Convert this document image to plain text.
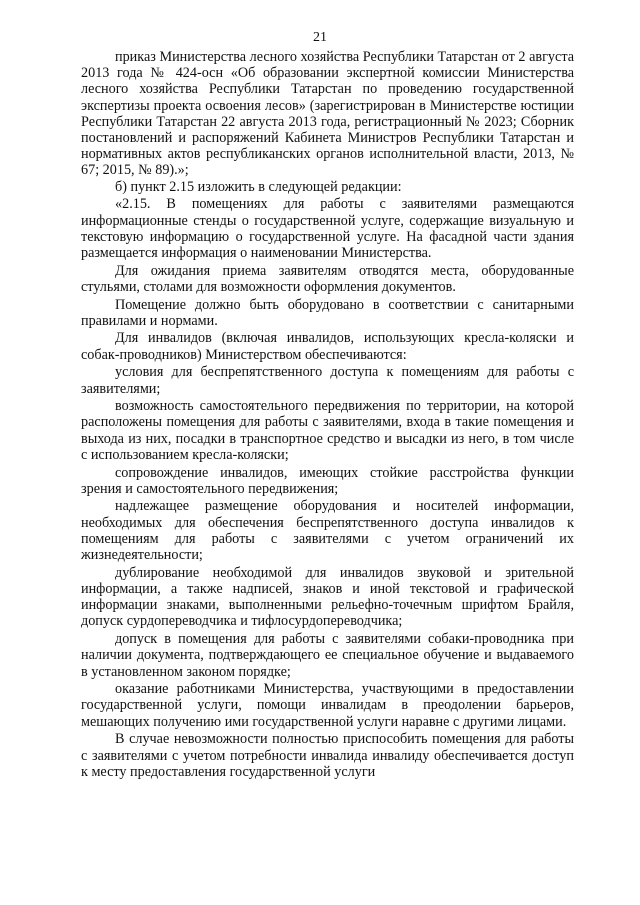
21

приказ Министерства лесного хозяйства Республики Татарстан от 2 августа 2013 года № 424-осн «Об образовании экспертной комиссии Министерства лесного хозяйства Республики Татарстан по проведению государственной экспертизы проекта освоения лесов» (зарегистрирован в Министерстве юстиции Республики Татарстан 22 августа 2013 года, регистрационный № 2023; Сборник постановлений и распоряжений Кабинета Министров Республики Татарстан и нормативных актов республиканских органов исполнительной власти, 2013, № 67; 2015, № 89).»;

б) пункт 2.15 изложить в следующей редакции:

«2.15. В помещениях для работы с заявителями размещаются информационные стенды о государственной услуге, содержащие визуальную и текстовую информацию о государственной услуге. На фасадной части здания размещается информация о наименовании Министерства.

Для ожидания приема заявителям отводятся места, оборудованные стульями, столами для возможности оформления документов.

Помещение должно быть оборудовано в соответствии с санитарными правилами и нормами.

Для инвалидов (включая инвалидов, использующих кресла-коляски и собак-проводников) Министерством обеспечиваются:

условия для беспрепятственного доступа к помещениям для работы с заявителями;

возможность самостоятельного передвижения по территории, на которой расположены помещения для работы с заявителями, входа в такие помещения и выхода из них, посадки в транспортное средство и высадки из него, в том числе с использованием кресла-коляски;

сопровождение инвалидов, имеющих стойкие расстройства функции зрения и самостоятельного передвижения;

надлежащее размещение оборудования и носителей информации, необходимых для обеспечения беспрепятственного доступа инвалидов к помещениям для работы с заявителями с учетом ограничений их жизнедеятельности;

дублирование необходимой для инвалидов звуковой и зрительной информации, а также надписей, знаков и иной текстовой и графической информации знаками, выполненными рельефно-точечным шрифтом Брайля, допуск сурдопереводчика и тифлосурдопереводчика;

допуск в помещения для работы с заявителями собаки-проводника при наличии документа, подтверждающего ее специальное обучение и выдаваемого в установленном законом порядке;

оказание работниками Министерства, участвующими в предоставлении государственной услуги, помощи инвалидам в преодолении барьеров, мешающих получению ими государственной услуги наравне с другими лицами.

В случае невозможности полностью приспособить помещения для работы с заявителями с учетом потребности инвалида инвалиду обеспечивается доступ к месту предоставления государственной услуги
